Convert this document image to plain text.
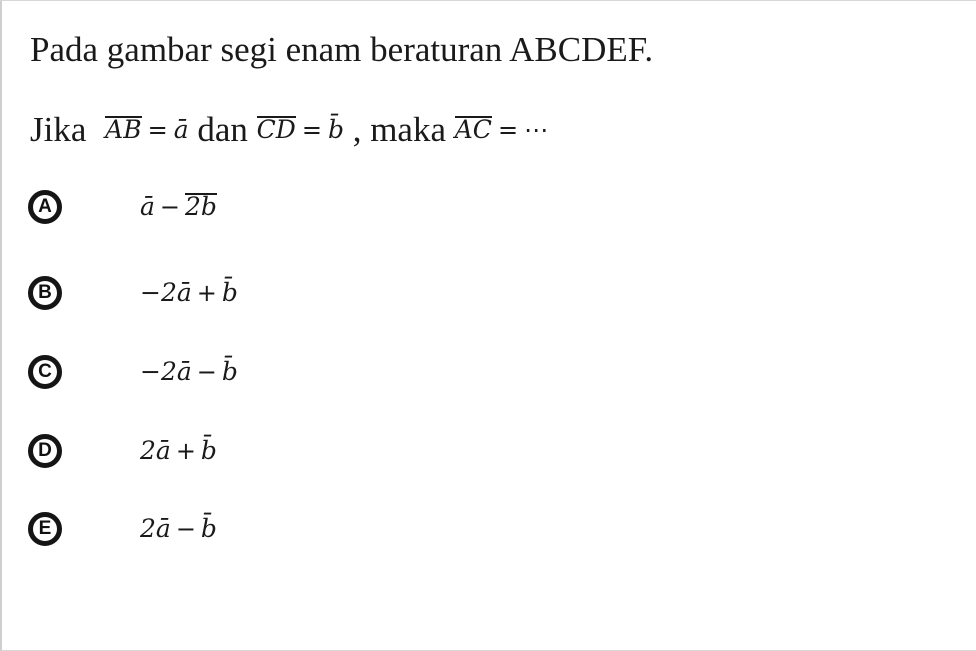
Pada gambar segi enam beraturan ABCDEF.
Jika AB = ā dan CD = b̄ , maka AC = ⋯
A	ā − 2b
B	−2ā + b̄
C	−2ā − b̄
D	2ā + b̄
E	2ā − b̄
